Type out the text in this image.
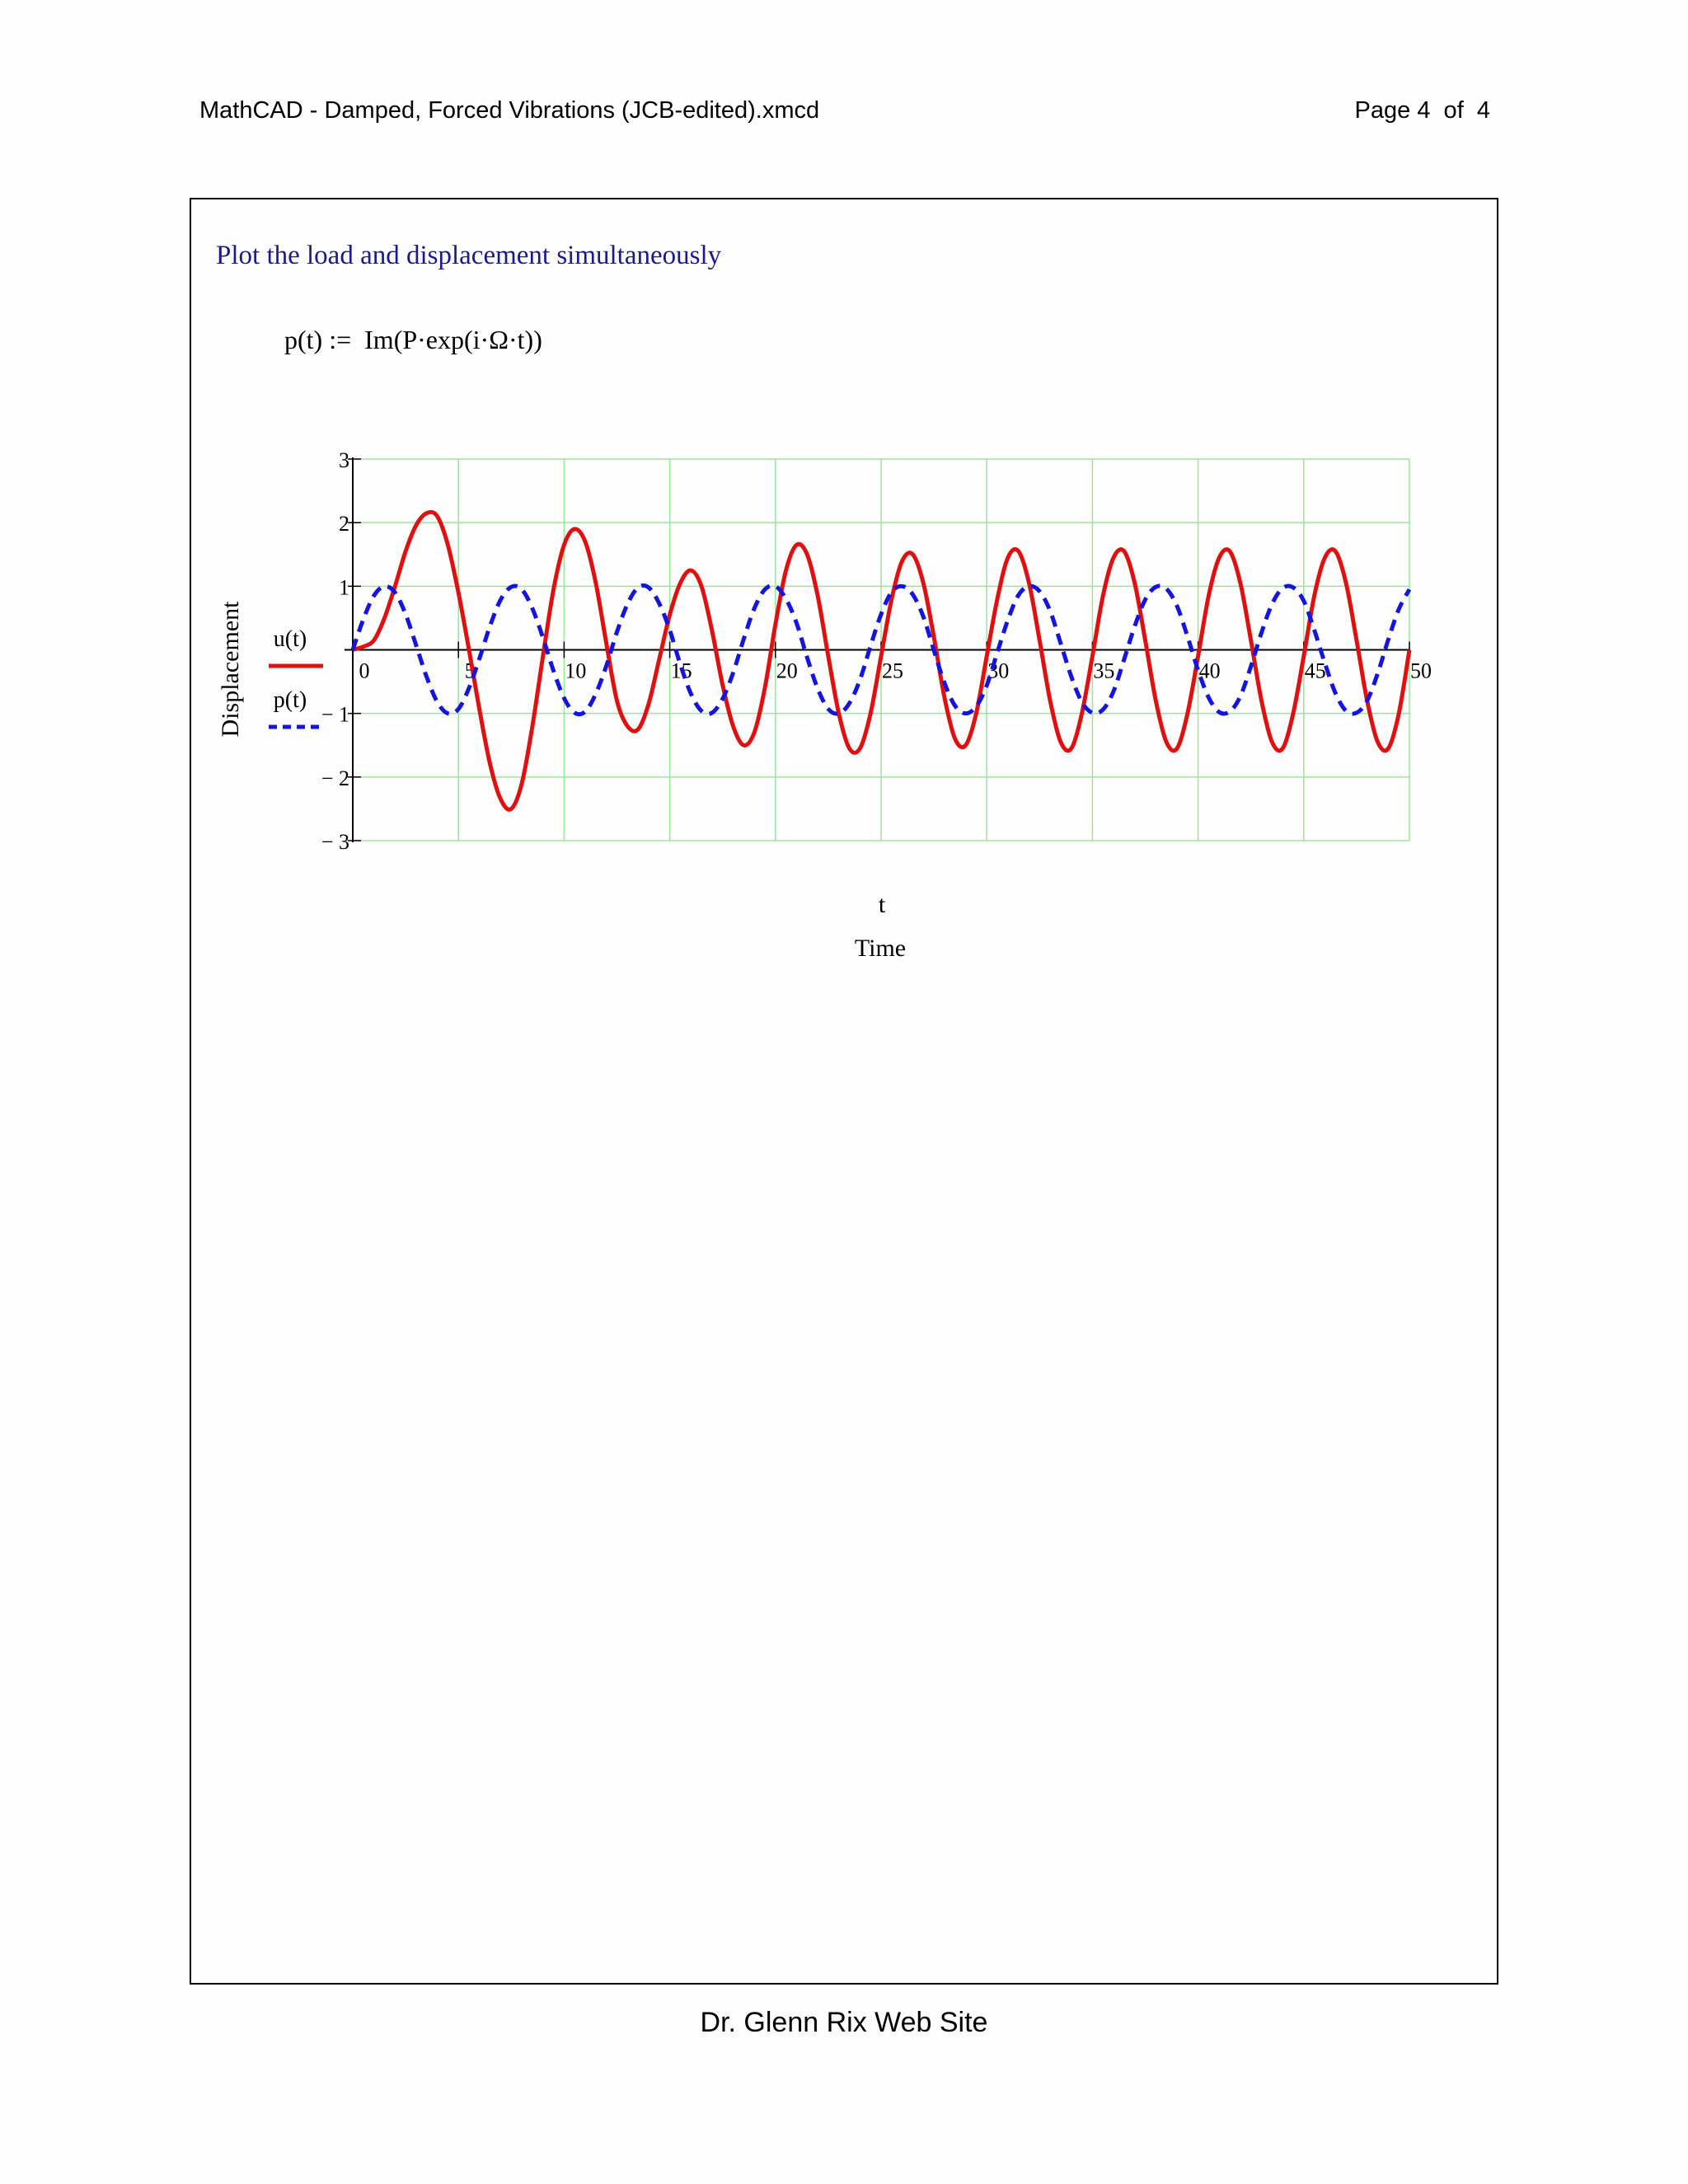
MathCAD - Damped, Forced Vibrations (JCB-edited).xmcd	Page 4  of  4
Plot the load and displacement simultaneously
p(t) :=  Im(P·exp(i·Ω·t))
0	5	10	15	20	25	30	35	40	45	50
3
2
1
− 1
− 2
− 3
u(t)
p(t)
Displacement
t
Time
Dr. Glenn Rix Web Site
